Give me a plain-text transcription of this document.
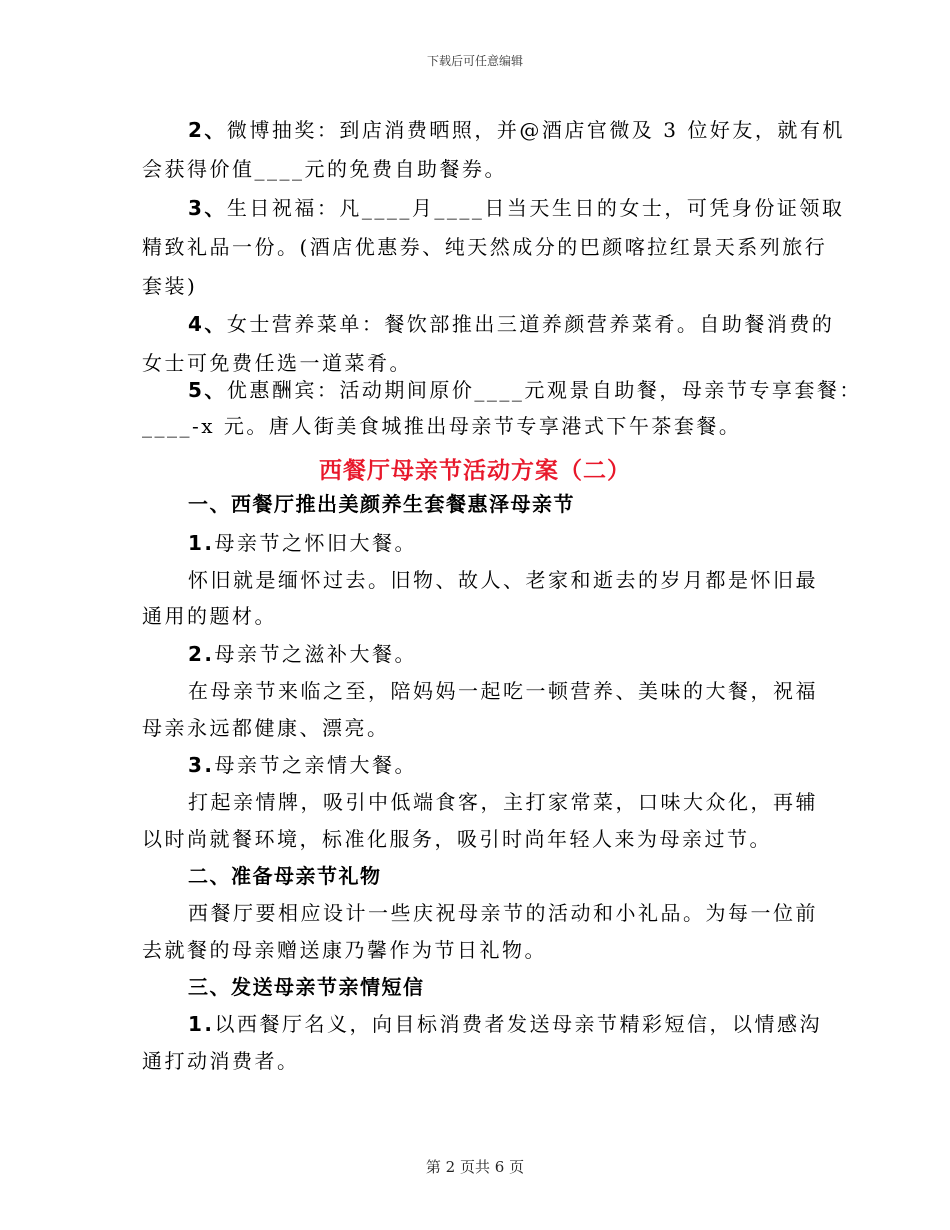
下载后可任意编辑
2、微博抽奖：到店消费晒照，并@酒店官微及 3 位好友，就有机
会获得价值____元的免费自助餐券。
3、生日祝福：凡____月____日当天生日的女士，可凭身份证领取
精致礼品一份。(酒店优惠券、纯天然成分的巴颜喀拉红景天系列旅行
套装)
4、女士营养菜单：餐饮部推出三道养颜营养菜肴。自助餐消费的
女士可免费任选一道菜肴。
5、优惠酬宾：活动期间原价____元观景自助餐，母亲节专享套餐：
____-x 元。唐人街美食城推出母亲节专享港式下午茶套餐。
西餐厅母亲节活动方案（二）
一、西餐厅推出美颜养生套餐惠泽母亲节
1.母亲节之怀旧大餐。
怀旧就是缅怀过去。旧物、故人、老家和逝去的岁月都是怀旧最
通用的题材。
2.母亲节之滋补大餐。
在母亲节来临之至，陪妈妈一起吃一顿营养、美味的大餐，祝福
母亲永远都健康、漂亮。
3.母亲节之亲情大餐。
打起亲情牌，吸引中低端食客，主打家常菜，口味大众化，再辅
以时尚就餐环境，标准化服务，吸引时尚年轻人来为母亲过节。
二、准备母亲节礼物
西餐厅要相应设计一些庆祝母亲节的活动和小礼品。为每一位前
去就餐的母亲赠送康乃馨作为节日礼物。
三、发送母亲节亲情短信
1.以西餐厅名义，向目标消费者发送母亲节精彩短信，以情感沟
通打动消费者。
第 2 页共 6 页
